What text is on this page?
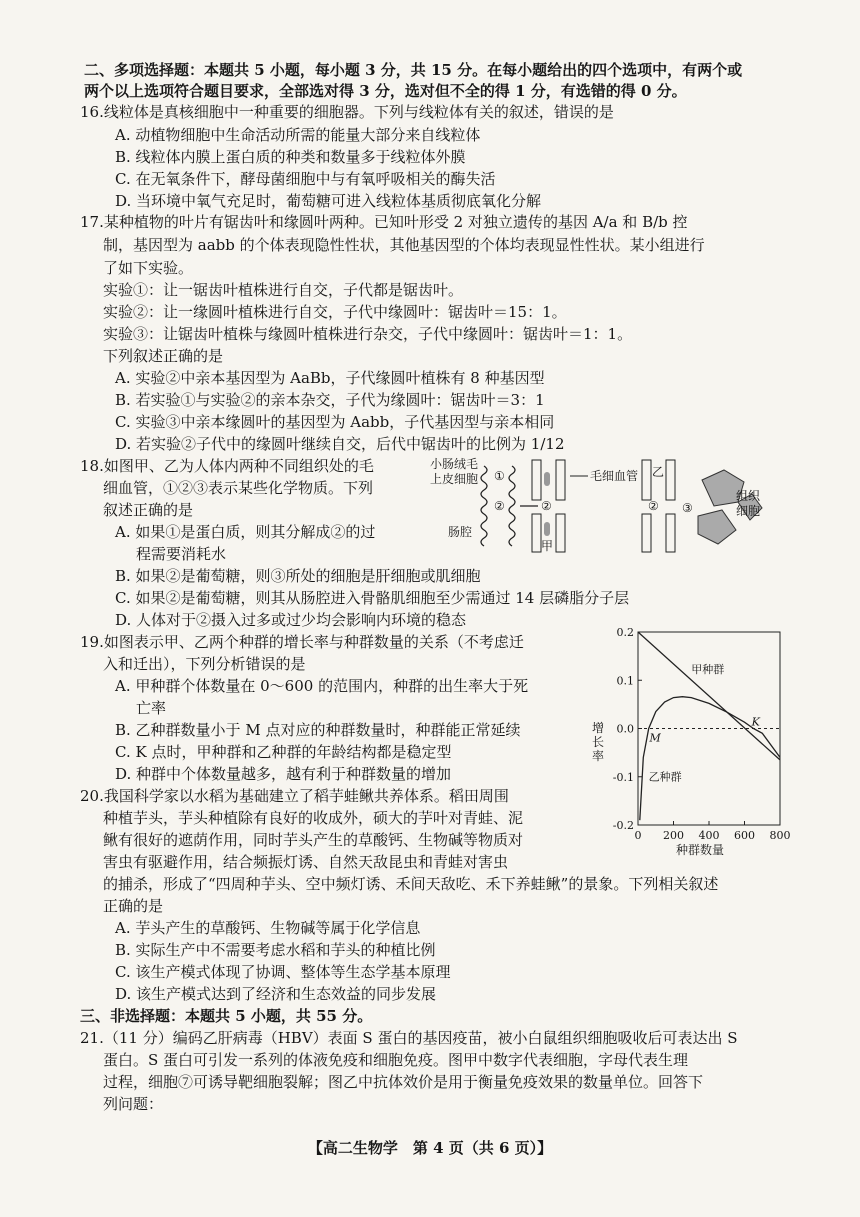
二、多项选择题：本题共 5 小题，每小题 3 分，共 15 分。在每小题给出的四个选项中，有两个或
两个以上选项符合题目要求，全部选对得 3 分，选对但不全的得 1 分，有选错的得 0 分。
16.线粒体是真核细胞中一种重要的细胞器。下列与线粒体有关的叙述，错误的是
A. 动植物细胞中生命活动所需的能量大部分来自线粒体
B. 线粒体内膜上蛋白质的种类和数量多于线粒体外膜
C. 在无氧条件下，酵母菌细胞中与有氧呼吸相关的酶失活
D. 当环境中氧气充足时，葡萄糖可进入线粒体基质彻底氧化分解
17.某种植物的叶片有锯齿叶和缘圆叶两种。已知叶形受 2 对独立遗传的基因 A/a 和 B/b 控
制，基因型为 aabb 的个体表现隐性性状，其他基因型的个体均表现显性性状。某小组进行
了如下实验。
实验①：让一锯齿叶植株进行自交，子代都是锯齿叶。
实验②：让一缘圆叶植株进行自交，子代中缘圆叶：锯齿叶＝15：1。
实验③：让锯齿叶植株与缘圆叶植株进行杂交，子代中缘圆叶：锯齿叶＝1：1。
下列叙述正确的是
A. 实验②中亲本基因型为 AaBb，子代缘圆叶植株有 8 种基因型
B. 若实验①与实验②的亲本杂交，子代为缘圆叶：锯齿叶＝3：1
C. 实验③中亲本缘圆叶的基因型为 Aabb，子代基因型与亲本相同
D. 若实验②子代中的缘圆叶继续自交，后代中锯齿叶的比例为 1/12
18.如图甲、乙为人体内两种不同组织处的毛
细血管，①②③表示某些化学物质。下列
叙述正确的是
A. 如果①是蛋白质，则其分解成②的过
程需要消耗水
B. 如果②是葡萄糖，则③所处的细胞是肝细胞或肌细胞
C. 如果②是葡萄糖，则其从肠腔进入骨骼肌细胞至少需通过 14 层磷脂分子层
D. 人体对于②摄入过多或过少均会影响内环境的稳态
小肠绒毛
上皮细胞
肠腔
①
②	②
甲
毛细血管 乙
② ③
组织
细胞
19.如图表示甲、乙两个种群的增长率与种群数量的关系（不考虑迁
入和迁出），下列分析错误的是
A. 甲种群个体数量在 0～600 的范围内，种群的出生率大于死
亡率
B. 乙种群数量小于 M 点对应的种群数量时，种群能正常延续
C. K 点时，甲种群和乙种群的年龄结构都是稳定型
D. 种群中个体数量越多，越有利于种群数量的增加
增长率
种群数量
0.2
0.1
0.0
-0.1
-0.2
0 200 400 600 800
甲种群
乙种群
K
M
20.我国科学家以水稻为基础建立了稻芋蛙鳅共养体系。稻田周围
种植芋头，芋头种植除有良好的收成外，硕大的芋叶对青蛙、泥
鳅有很好的遮荫作用，同时芋头产生的草酸钙、生物碱等物质对
害虫有驱避作用，结合频振灯诱、自然天敌昆虫和青蛙对害虫
的捕杀，形成了“四周种芋头、空中频灯诱、禾间天敌吃、禾下养蛙鳅”的景象。下列相关叙述
正确的是
A. 芋头产生的草酸钙、生物碱等属于化学信息
B. 实际生产中不需要考虑水稻和芋头的种植比例
C. 该生产模式体现了协调、整体等生态学基本原理
D. 该生产模式达到了经济和生态效益的同步发展
三、非选择题：本题共 5 小题，共 55 分。
21.（11 分）编码乙肝病毒（HBV）表面 S 蛋白的基因疫苗，被小白鼠组织细胞吸收后可表达出 S
蛋白。S 蛋白可引发一系列的体液免疫和细胞免疫。图甲中数字代表细胞，字母代表生理
过程，细胞⑦可诱导靶细胞裂解；图乙中抗体效价是用于衡量免疫效果的数量单位。回答下
列问题：
【高二生物学　第 4 页（共 6 页）】
